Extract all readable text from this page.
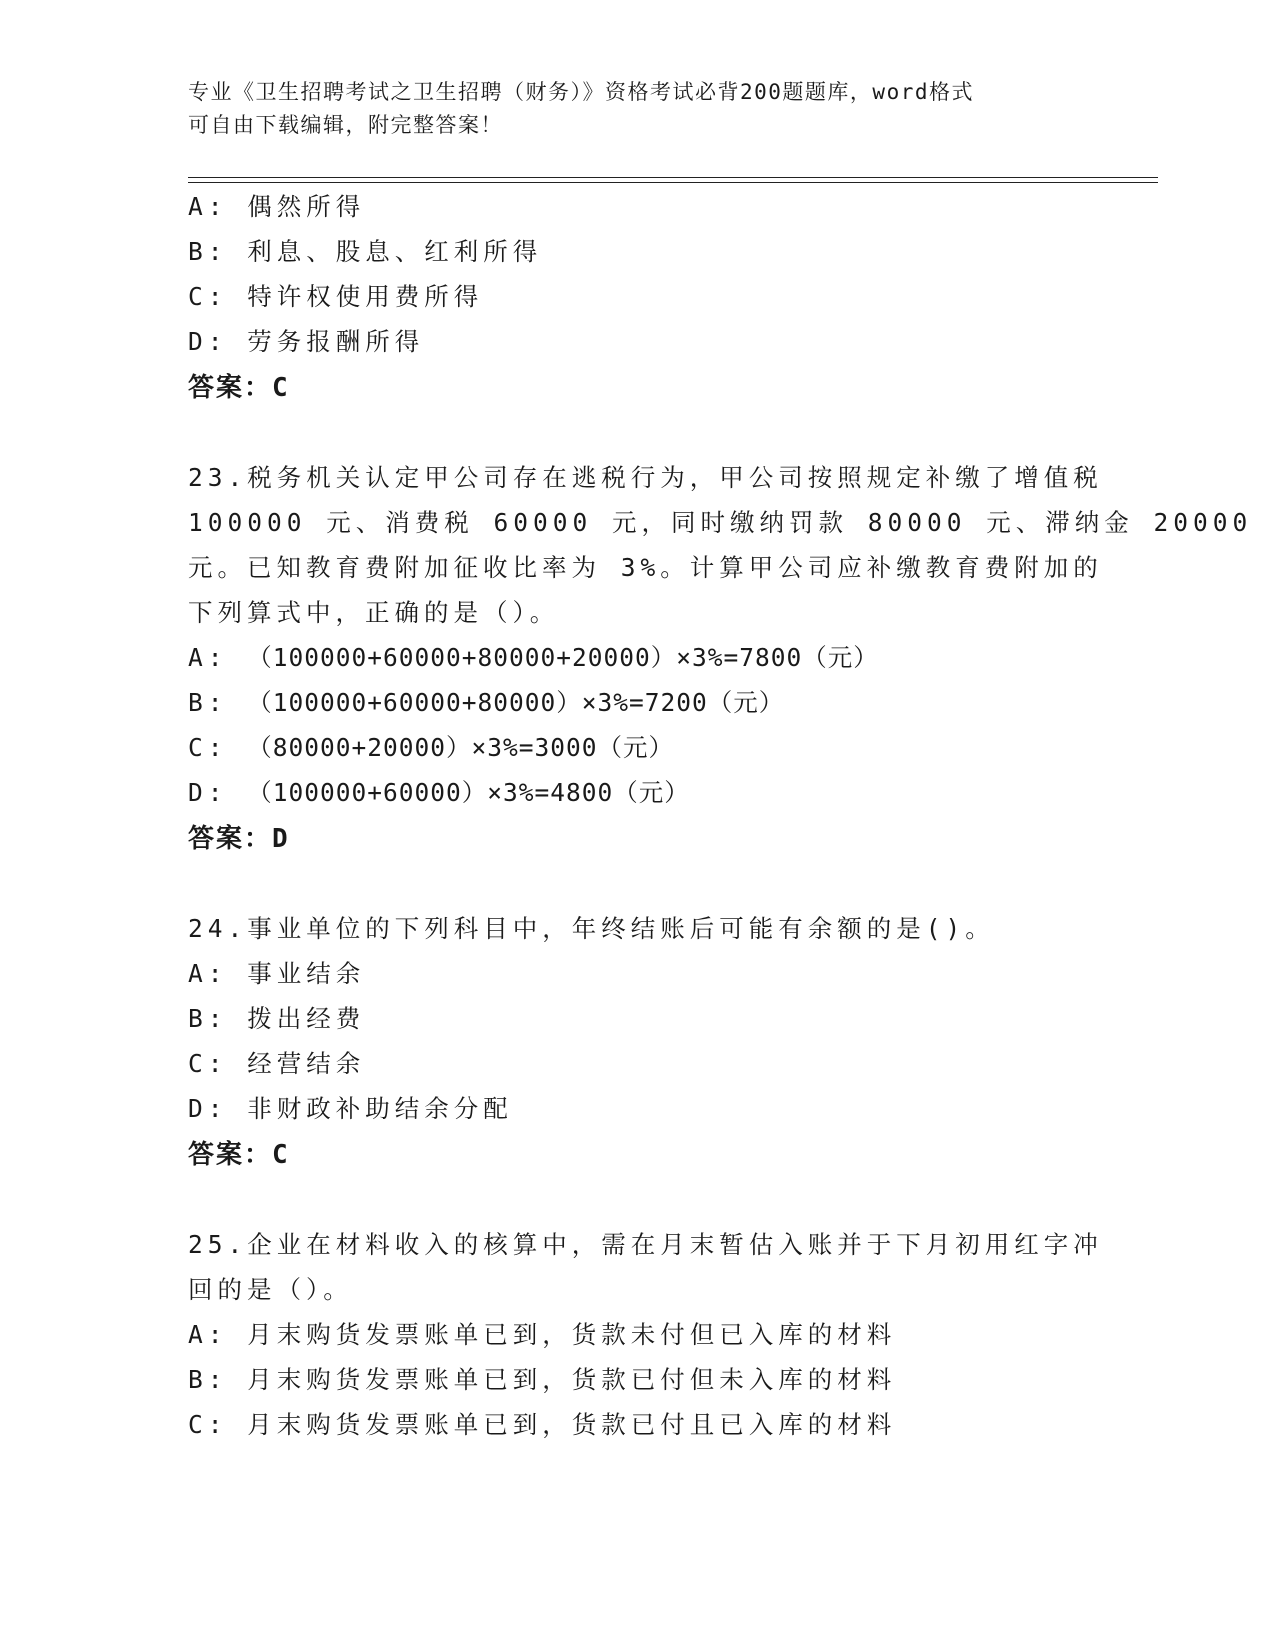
专业《卫生招聘考试之卫生招聘（财务）》资格考试必背200题题库，word格式
可自由下载编辑，附完整答案！
A: 偶然所得
B: 利息、股息、红利所得
C: 特许权使用费所得
D: 劳务报酬所得
答案：C
23.税务机关认定甲公司存在逃税行为，甲公司按照规定补缴了增值税
100000 元、消费税 60000 元，同时缴纳罚款 80000 元、滞纳金 20000
元。已知教育费附加征收比率为 3%。计算甲公司应补缴教育费附加的
下列算式中，正确的是（）。
A: （100000+60000+80000+20000）×3%=7800（元）
B: （100000+60000+80000）×3%=7200（元）
C: （80000+20000）×3%=3000（元）
D: （100000+60000）×3%=4800（元）
答案：D
24.事业单位的下列科目中，年终结账后可能有余额的是()。
A: 事业结余
B: 拨出经费
C: 经营结余
D: 非财政补助结余分配
答案：C
25.企业在材料收入的核算中，需在月末暂估入账并于下月初用红字冲
回的是（）。
A: 月末购货发票账单已到，货款未付但已入库的材料
B: 月末购货发票账单已到，货款已付但未入库的材料
C: 月末购货发票账单已到，货款已付且已入库的材料
